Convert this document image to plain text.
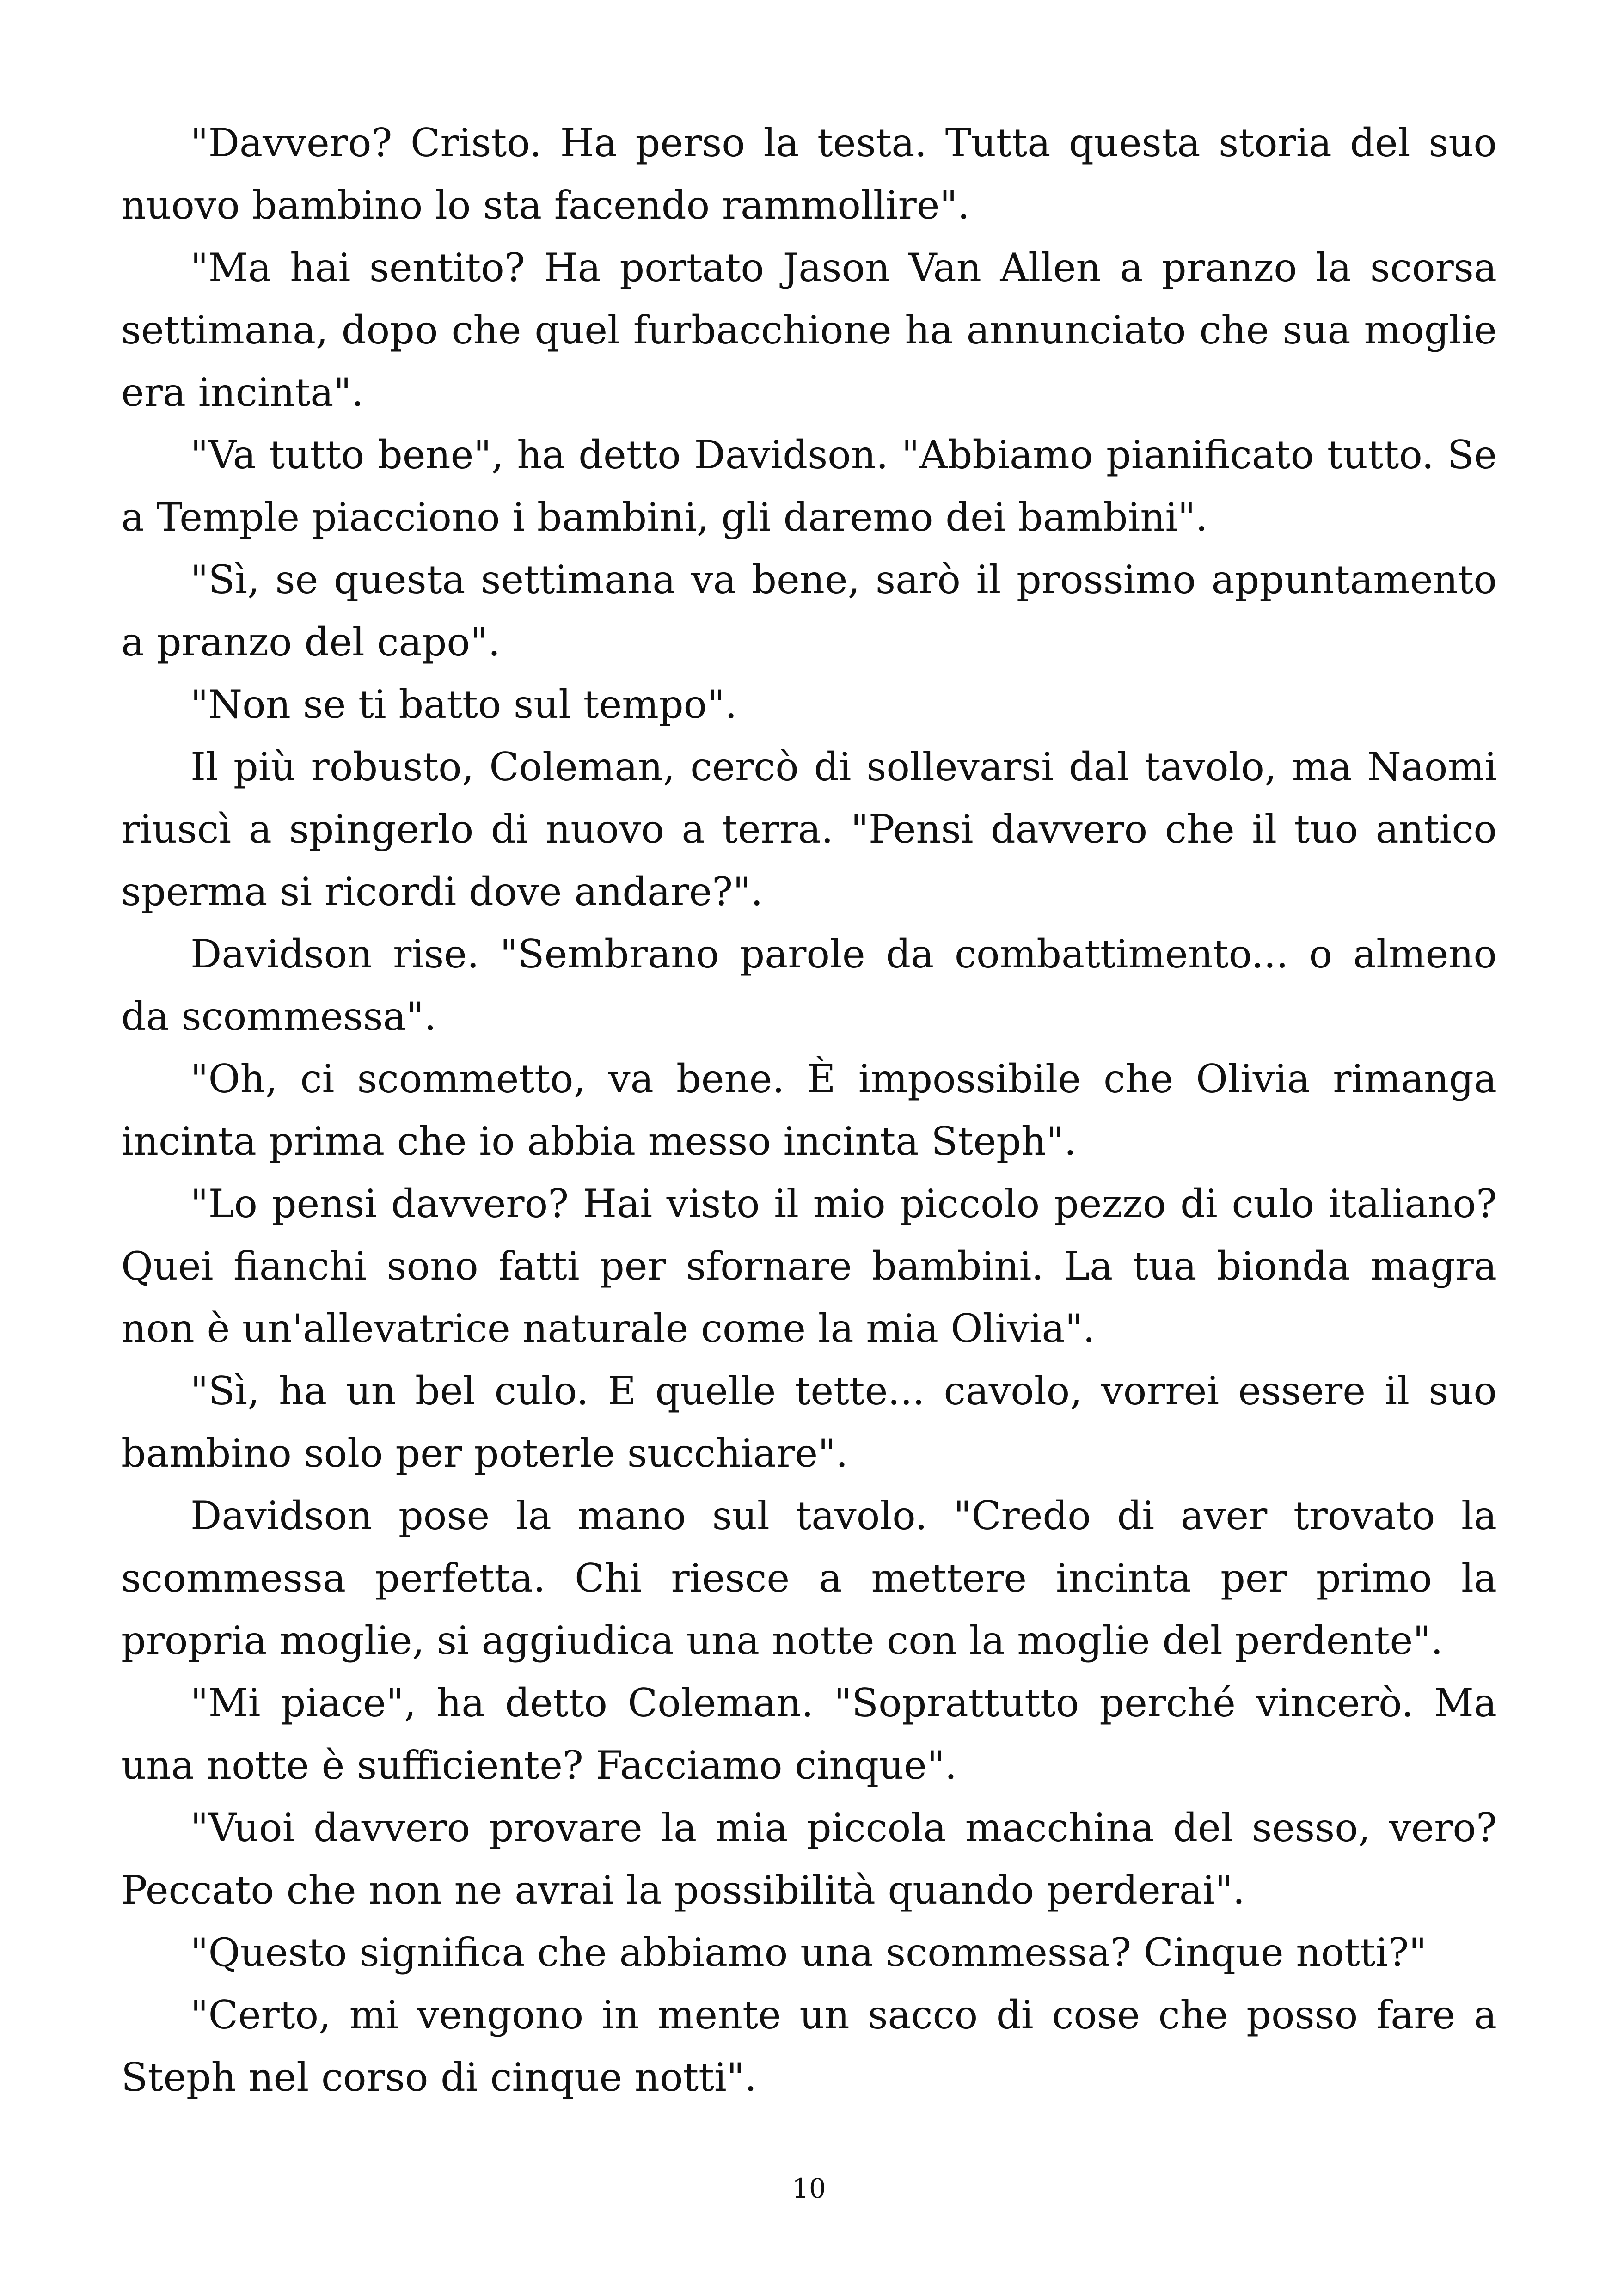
"Davvero? Cristo. Ha perso la testa. Tutta questa storia del suo nuovo bambino lo sta facendo rammollire".

"Ma hai sentito? Ha portato Jason Van Allen a pranzo la scorsa settimana, dopo che quel furbacchione ha annunciato che sua moglie era incinta".

"Va tutto bene", ha detto Davidson. "Abbiamo pianificato tutto. Se a Temple piacciono i bambini, gli daremo dei bambini".

"Sì, se questa settimana va bene, sarò il prossimo appuntamento a pranzo del capo".

"Non se ti batto sul tempo".

Il più robusto, Coleman, cercò di sollevarsi dal tavolo, ma Naomi riuscì a spingerlo di nuovo a terra. "Pensi davvero che il tuo antico sperma si ricordi dove andare?".

Davidson rise. "Sembrano parole da combattimento... o almeno da scommessa".

"Oh, ci scommetto, va bene. È impossibile che Olivia rimanga incinta prima che io abbia messo incinta Steph".

"Lo pensi davvero? Hai visto il mio piccolo pezzo di culo italiano? Quei fianchi sono fatti per sfornare bambini. La tua bionda magra non è un'allevatrice naturale come la mia Olivia".

"Sì, ha un bel culo. E quelle tette... cavolo, vorrei essere il suo bambino solo per poterle succhiare".

Davidson pose la mano sul tavolo. "Credo di aver trovato la scommessa perfetta. Chi riesce a mettere incinta per primo la propria moglie, si aggiudica una notte con la moglie del perdente".

"Mi piace", ha detto Coleman. "Soprattutto perché vincerò. Ma una notte è sufficiente? Facciamo cinque".

"Vuoi davvero provare la mia piccola macchina del sesso, vero? Peccato che non ne avrai la possibilità quando perderai".

"Questo significa che abbiamo una scommessa? Cinque notti?"

"Certo, mi vengono in mente un sacco di cose che posso fare a Steph nel corso di cinque notti".

10
